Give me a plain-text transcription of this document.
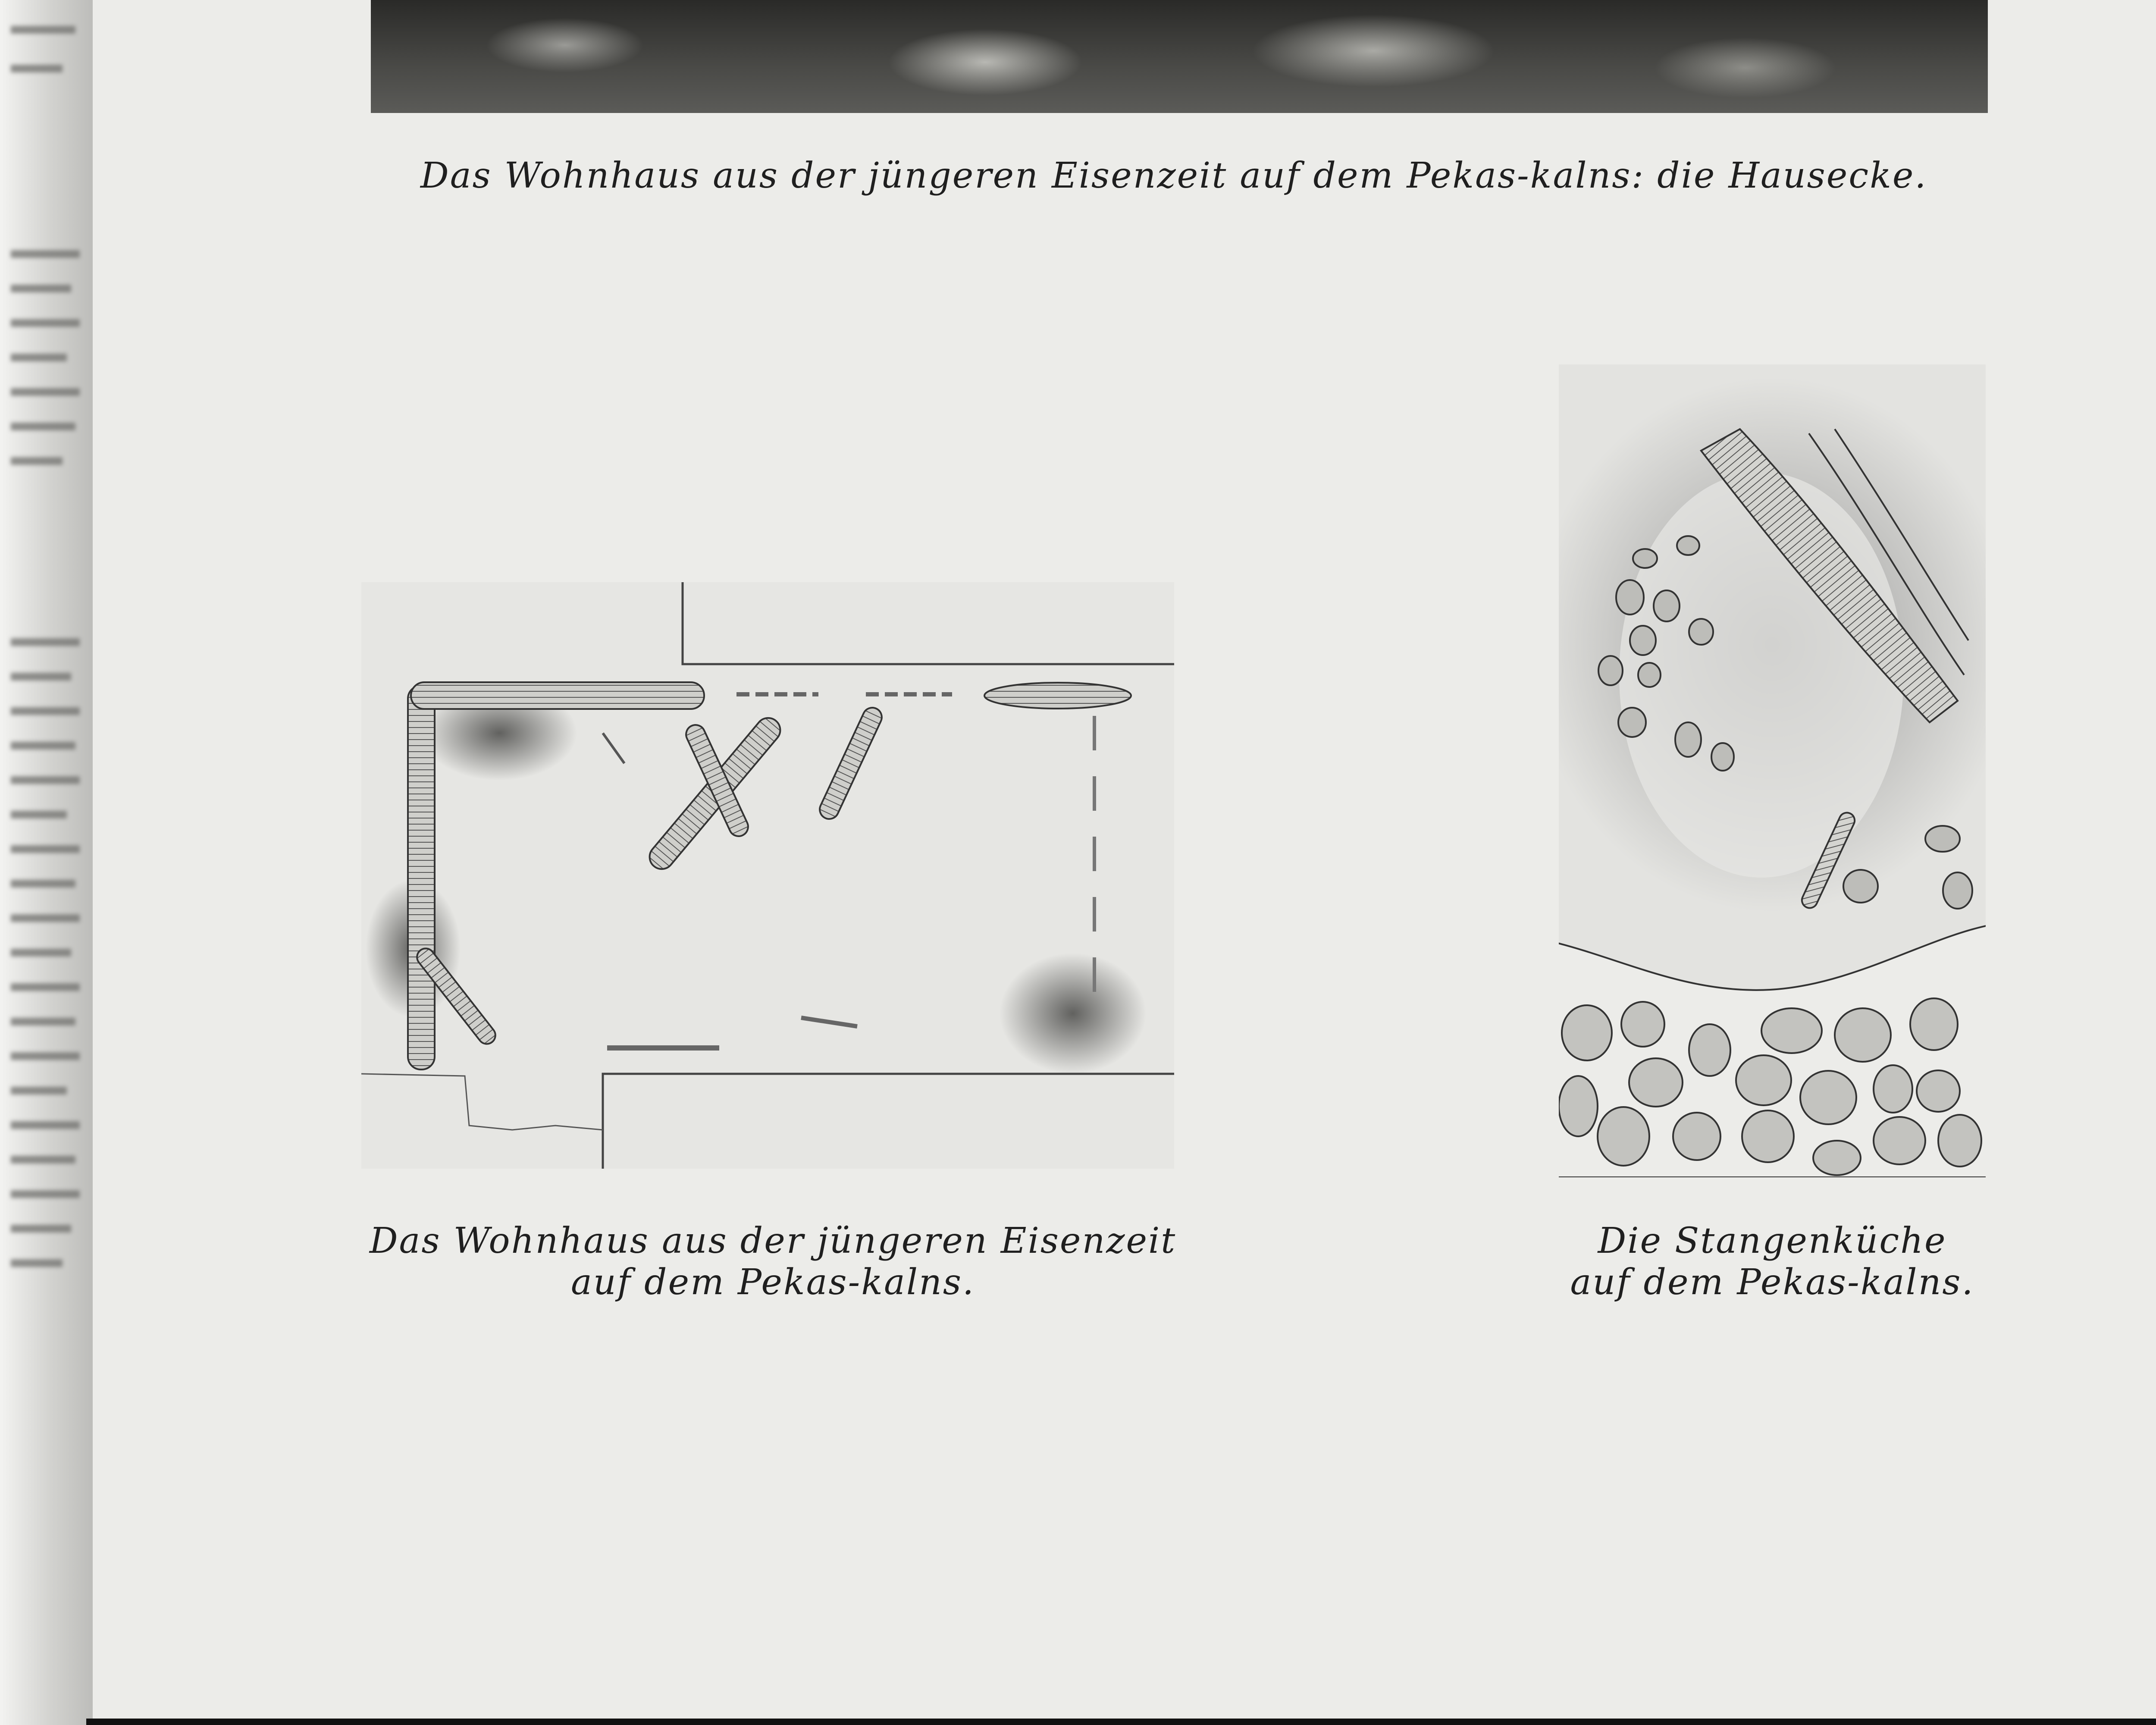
Das Wohnhaus aus der jüngeren Eisenzeit auf dem Pekas-kalns: die Hausecke.

Das Wohnhaus aus der jüngeren Eisenzeit
auf dem Pekas-kalns.

Die Stangenküche
auf dem Pekas-kalns.
